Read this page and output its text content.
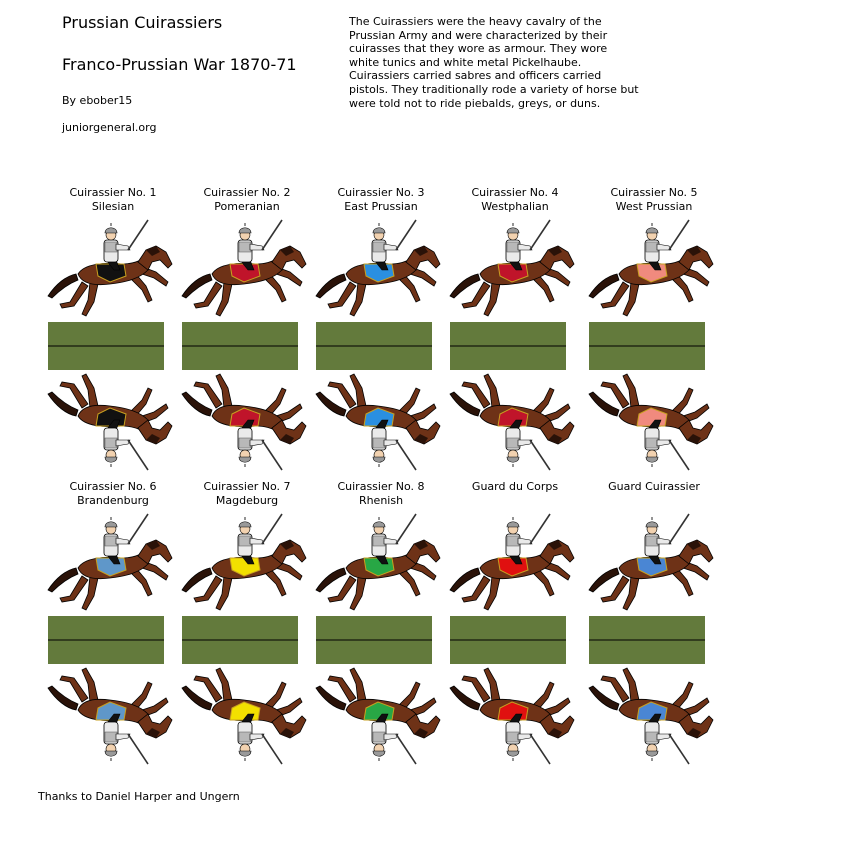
Prussian Cuirassiers
Franco-Prussian War 1870-71
By ebober15
juniorgeneral.org
The Cuirassiers were the heavy cavalry of the Prussian Army and were characterized by their cuirasses that they wore as armour. They wore white tunics and white metal Pickelhaube. Cuirassiers carried sabres and officers carried pistols. They traditionally rode a variety of horse but were told not to ride piebalds, greys, or duns.
Cuirassier No. 1
Silesian
Cuirassier No. 2
Pomeranian
Cuirassier No. 3
East Prussian
Cuirassier No. 4
Westphalian
Cuirassier No. 5
West Prussian
Cuirassier No. 6
Brandenburg
Cuirassier No. 7
Magdeburg
Cuirassier No. 8
Rhenish
Guard du Corps	Guard Cuirassier
Thanks to Daniel Harper and Ungern
